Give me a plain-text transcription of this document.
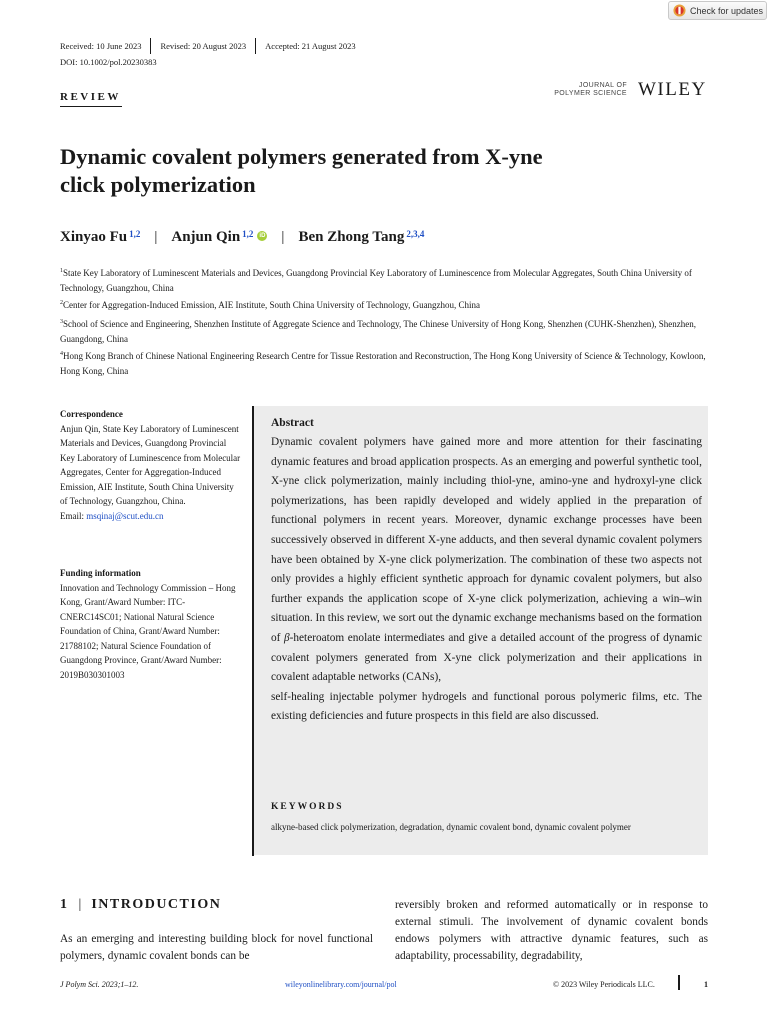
Check for updates
Received: 10 June 2023 Revised: 20 August 2023 Accepted: 21 August 2023
DOI: 10.1002/pol.20230383
REVIEW
JOURNAL OF
POLYMER SCIENCE WILEY
Dynamic covalent polymers generated from X-yne
click polymerization
Xinyao Fu$^{1,2}$ | Anjun Qin$^{1,2}$	iD | Ben Zhong Tang$^{2,3,4}$
$^1$State Key Laboratory of Luminescent Materials and Devices, Guangdong Provincial Key Laboratory of Luminescence from Molecular Aggregates, South China University of Technology, Guangzhou, China
$^2$Center for Aggregation-Induced Emission, AIE Institute, South China University of Technology, Guangzhou, China
$^3$School of Science and Engineering, Shenzhen Institute of Aggregate Science and Technology, The Chinese University of Hong Kong, Shenzhen (CUHK-Shenzhen), Shenzhen, Guangdong, China
$^4$Hong Kong Branch of Chinese National Engineering Research Centre for Tissue Restoration and Reconstruction, The Hong Kong University of Science & Technology, Kowloon, Hong Kong, China
Correspondence
Anjun Qin, State Key Laboratory of Luminescent Materials and Devices, Guangdong Provincial Key Laboratory of Luminescence from Molecular Aggregates, Center for Aggregation-Induced Emission, AIE Institute, South China University of Technology, Guangzhou, China.
Email: msqinaj@scut.edu.cn
Funding information
Innovation and Technology Commission – Hong Kong, Grant/Award Number: ITC-CNERC14SC01; National Natural Science Foundation of China, Grant/Award Number: 21788102; Natural Science Foundation of Guangdong Province, Grant/Award Number: 2019B030301003
Abstract
Dynamic covalent polymers have gained more and more attention for their fascinating dynamic features and broad application prospects. As an emerging and powerful synthetic tool, X-yne click polymerization, mainly including thiol-yne, amino-yne and hydroxyl-yne click polymerizations, has been rapidly developed and widely applied in the preparation of functional polymers in recent years. Moreover, dynamic exchange processes have been successively observed in different X-yne adducts, and then several dynamic covalent polymers have been obtained by X-yne click polymerization. The combination of these two aspects not only provides a highly efficient synthetic approach for dynamic covalent polymers, but also further expands the application scope of X-yne click polymerization, achieving a win–win situation. In this review, we sort out the dynamic exchange mechanisms based on the formation of β-heteroatom enolate intermediates and give a detailed account of the progress of dynamic covalent polymers generated from X-yne click polymerization and their applications in covalent adaptable networks (CANs),
self-healing injectable polymer hydrogels and functional porous polymeric films, etc. The existing deficiencies and future prospects in this field are also discussed.
KEYWORDS
alkyne-based click polymerization, degradation, dynamic covalent bond, dynamic covalent polymer
1 | INTRODUCTION
As an emerging and interesting building block for novel functional polymers, dynamic covalent bonds can be
reversibly broken and reformed automatically or in response to external stimuli. The involvement of dynamic covalent bonds endows polymers with attractive dynamic features, such as adaptability, processability, degradability,
J Polym Sci. 2023;1–12.	wileyonlinelibrary.com/journal/pol	© 2023 Wiley Periodicals LLC.	1
